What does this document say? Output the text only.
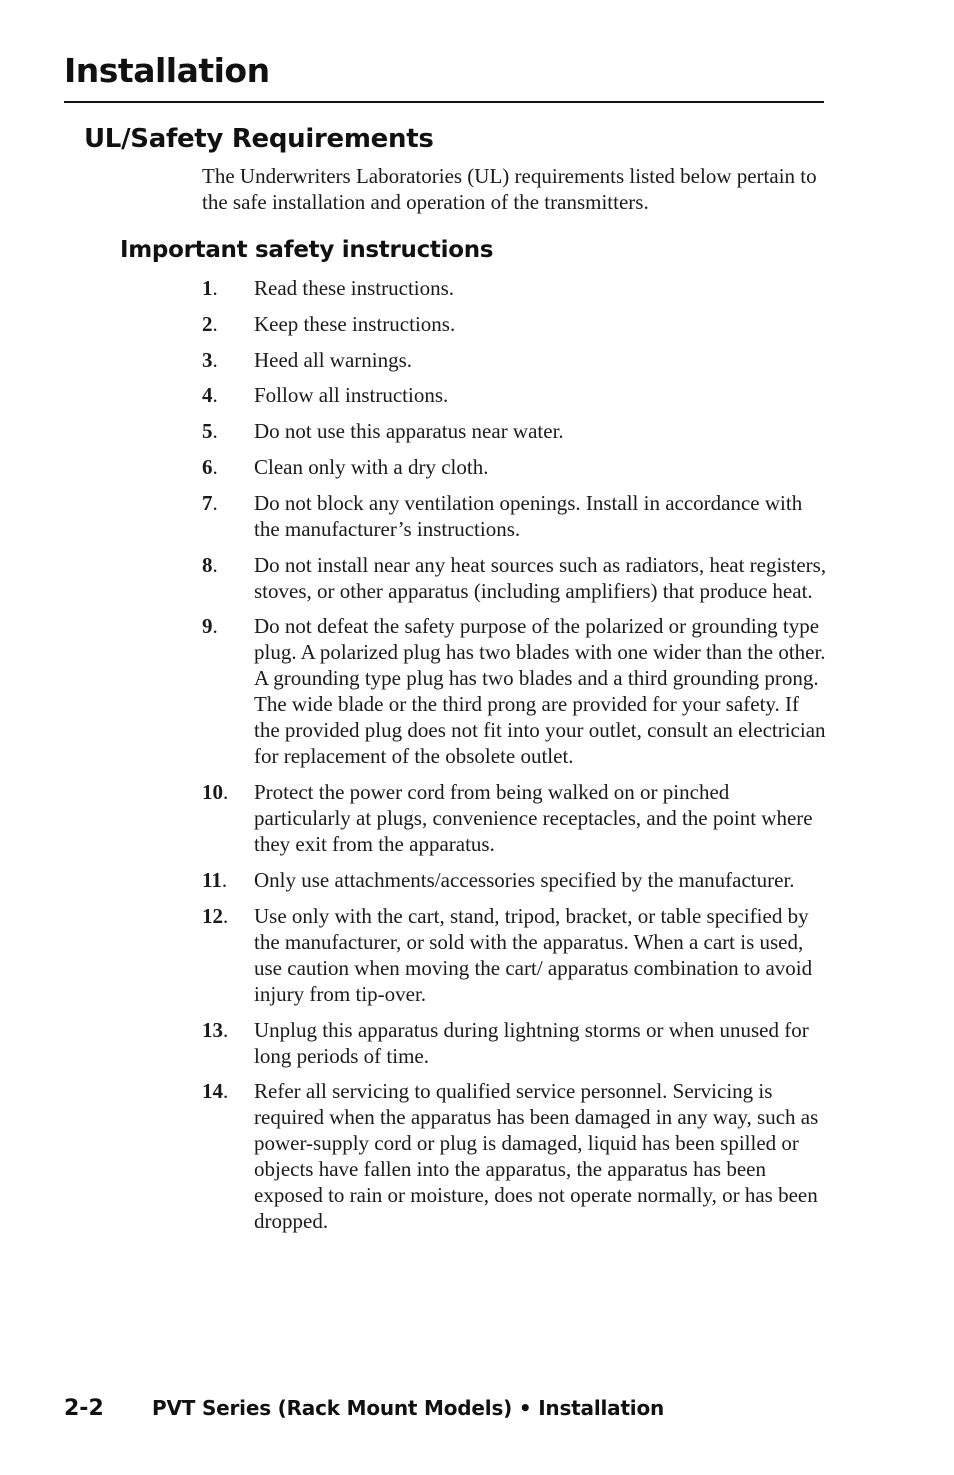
Installation
UL/Safety Requirements

The Underwriters Laboratories (UL) requirements listed below pertain to the safe installation and operation of the transmitters.

Important safety instructions
1.	Read these instructions.
2.	Keep these instructions.
3.	Heed all warnings.
4.	Follow all instructions.
5.	Do not use this apparatus near water.
6.	Clean only with a dry cloth.
7.	Do not block any ventilation openings. Install in accordance with the manufacturer’s instructions.
8.	Do not install near any heat sources such as radiators, heat registers, stoves, or other apparatus (including amplifiers) that produce heat.
9.	Do not defeat the safety purpose of the polarized or grounding type plug. A polarized plug has two blades with one wider than the other. A grounding type plug has two blades and a third grounding prong. The wide blade or the third prong are provided for your safety. If the provided plug does not fit into your outlet, consult an electrician for replacement of the obsolete outlet.
10.	Protect the power cord from being walked on or pinched particularly at plugs, convenience receptacles, and the point where they exit from the apparatus.
11.	Only use attachments/accessories specified by the manufacturer.
12.	Use only with the cart, stand, tripod, bracket, or table specified by the manufacturer, or sold with the apparatus. When a cart is used, use caution when moving the cart/ apparatus combination to avoid injury from tip-over.
13.	Unplug this apparatus during lightning storms or when unused for long periods of time.
14.	Refer all servicing to qualified service personnel. Servicing is required when the apparatus has been damaged in any way, such as power-supply cord or plug is damaged, liquid has been spilled or objects have fallen into the apparatus, the apparatus has been exposed to rain or moisture, does not operate normally, or has been dropped.
2-2 PVT Series (Rack Mount Models) • Installation
